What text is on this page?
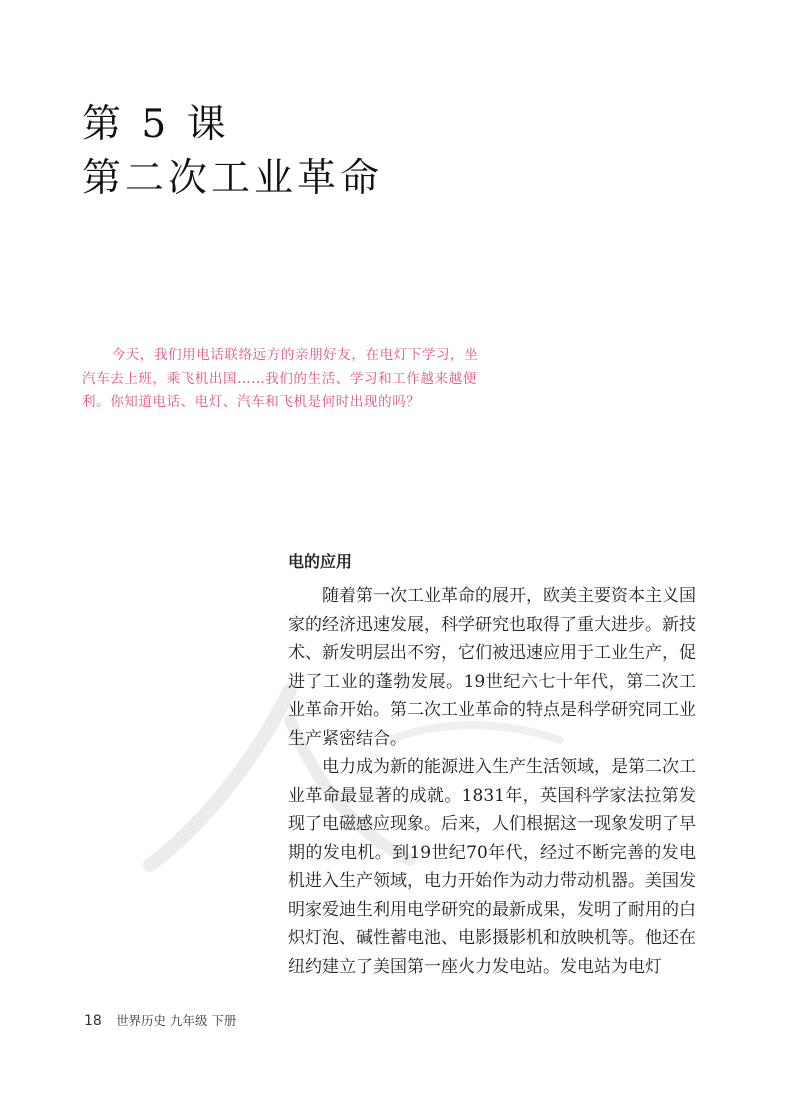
第 5 课
第二次工业革命

今天，我们用电话联络远方的亲朋好友，在电灯下学习，坐汽车去上班，乘飞机出国……我们的生活、学习和工作越来越便利。你知道电话、电灯、汽车和飞机是何时出现的吗？

电的应用

随着第一次工业革命的展开，欧美主要资本主义国家的经济迅速发展，科学研究也取得了重大进步。新技术、新发明层出不穷，它们被迅速应用于工业生产，促进了工业的蓬勃发展。19世纪六七十年代，第二次工业革命开始。第二次工业革命的特点是科学研究同工业生产紧密结合。

电力成为新的能源进入生产生活领域，是第二次工业革命最显著的成就。1831年，英国科学家法拉第发现了电磁感应现象。后来，人们根据这一现象发明了早期的发电机。到19世纪70年代，经过不断完善的发电机进入生产领域，电力开始作为动力带动机器。美国发明家爱迪生利用电学研究的最新成果，发明了耐用的白炽灯泡、碱性蓄电池、电影摄影机和放映机等。他还在纽约建立了美国第一座火力发电站。发电站为电灯

18 世界历史 九年级 下册
